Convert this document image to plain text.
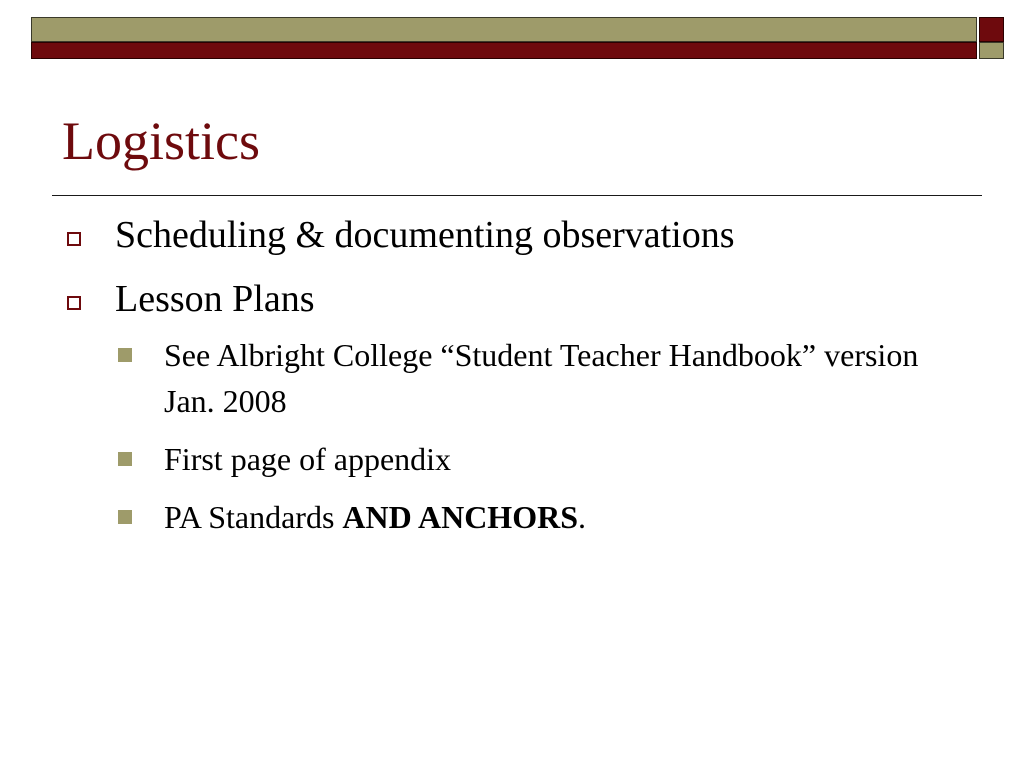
Logistics
Scheduling & documenting observations
Lesson Plans
See Albright College “Student Teacher Handbook” version Jan. 2008
First page of appendix
PA Standards AND ANCHORS.
